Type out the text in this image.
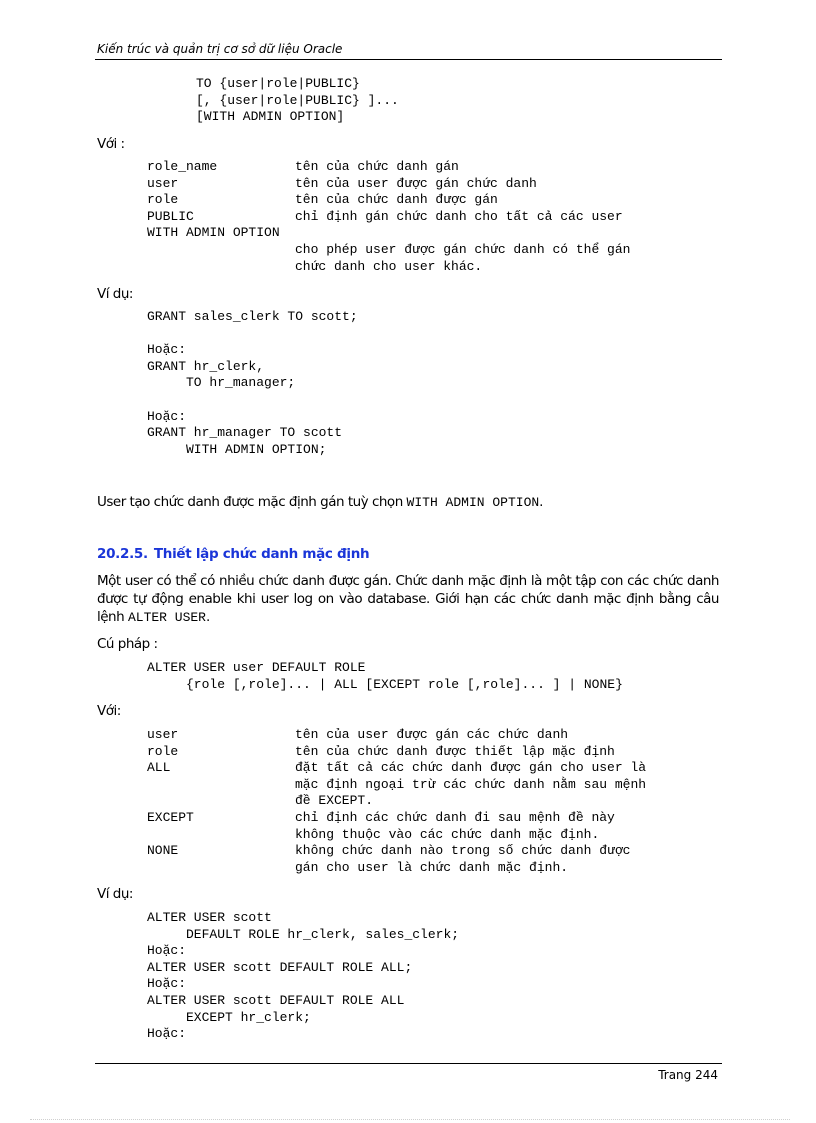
Kiến trúc và quản trị cơ sở dữ liệu Oracle
TO {user|role|PUBLIC}
[, {user|role|PUBLIC} ]...
[WITH ADMIN OPTION]
Với :
role_name	tên của chức danh gán
user	tên của user được gán chức danh
role	tên của chức danh được gán
PUBLIC	chỉ định gán chức danh cho tất cả các user
WITH ADMIN OPTION
cho phép user được gán chức danh có thể gán
chức danh cho user khác.
Ví dụ:
GRANT sales_clerk TO scott;

Hoặc:
GRANT hr_clerk,
TO hr_manager;

Hoặc:
GRANT hr_manager TO scott
WITH ADMIN OPTION;
User tạo chức danh được mặc định gán tuỳ chọn WITH ADMIN OPTION.
20.2.5. Thiết lập chức danh mặc định
Một user có thể có nhiều chức danh được gán. Chức danh mặc định là một tập con các chức danh được tự động enable khi user log on vào database. Giới hạn các chức danh mặc định bằng câu lệnh ALTER USER.
Cú pháp :
ALTER USER user DEFAULT ROLE
{role [,role]... | ALL [EXCEPT role [,role]... ] | NONE}
Với:
user	tên của user được gán các chức danh
role	tên của chức danh được thiết lập mặc định
ALL	đặt tất cả các chức danh được gán cho user là
mặc định ngoại trừ các chức danh nằm sau mệnh
đề EXCEPT.
EXCEPT	chỉ định các chức danh đi sau mệnh đề này
không thuộc vào các chức danh mặc định.
NONE	không chức danh nào trong số chức danh được
gán cho user là chức danh mặc định.
Ví dụ:
ALTER USER scott
DEFAULT ROLE hr_clerk, sales_clerk;
Hoặc:
ALTER USER scott DEFAULT ROLE ALL;
Hoặc:
ALTER USER scott DEFAULT ROLE ALL
EXCEPT hr_clerk;
Hoặc:
Trang 244
